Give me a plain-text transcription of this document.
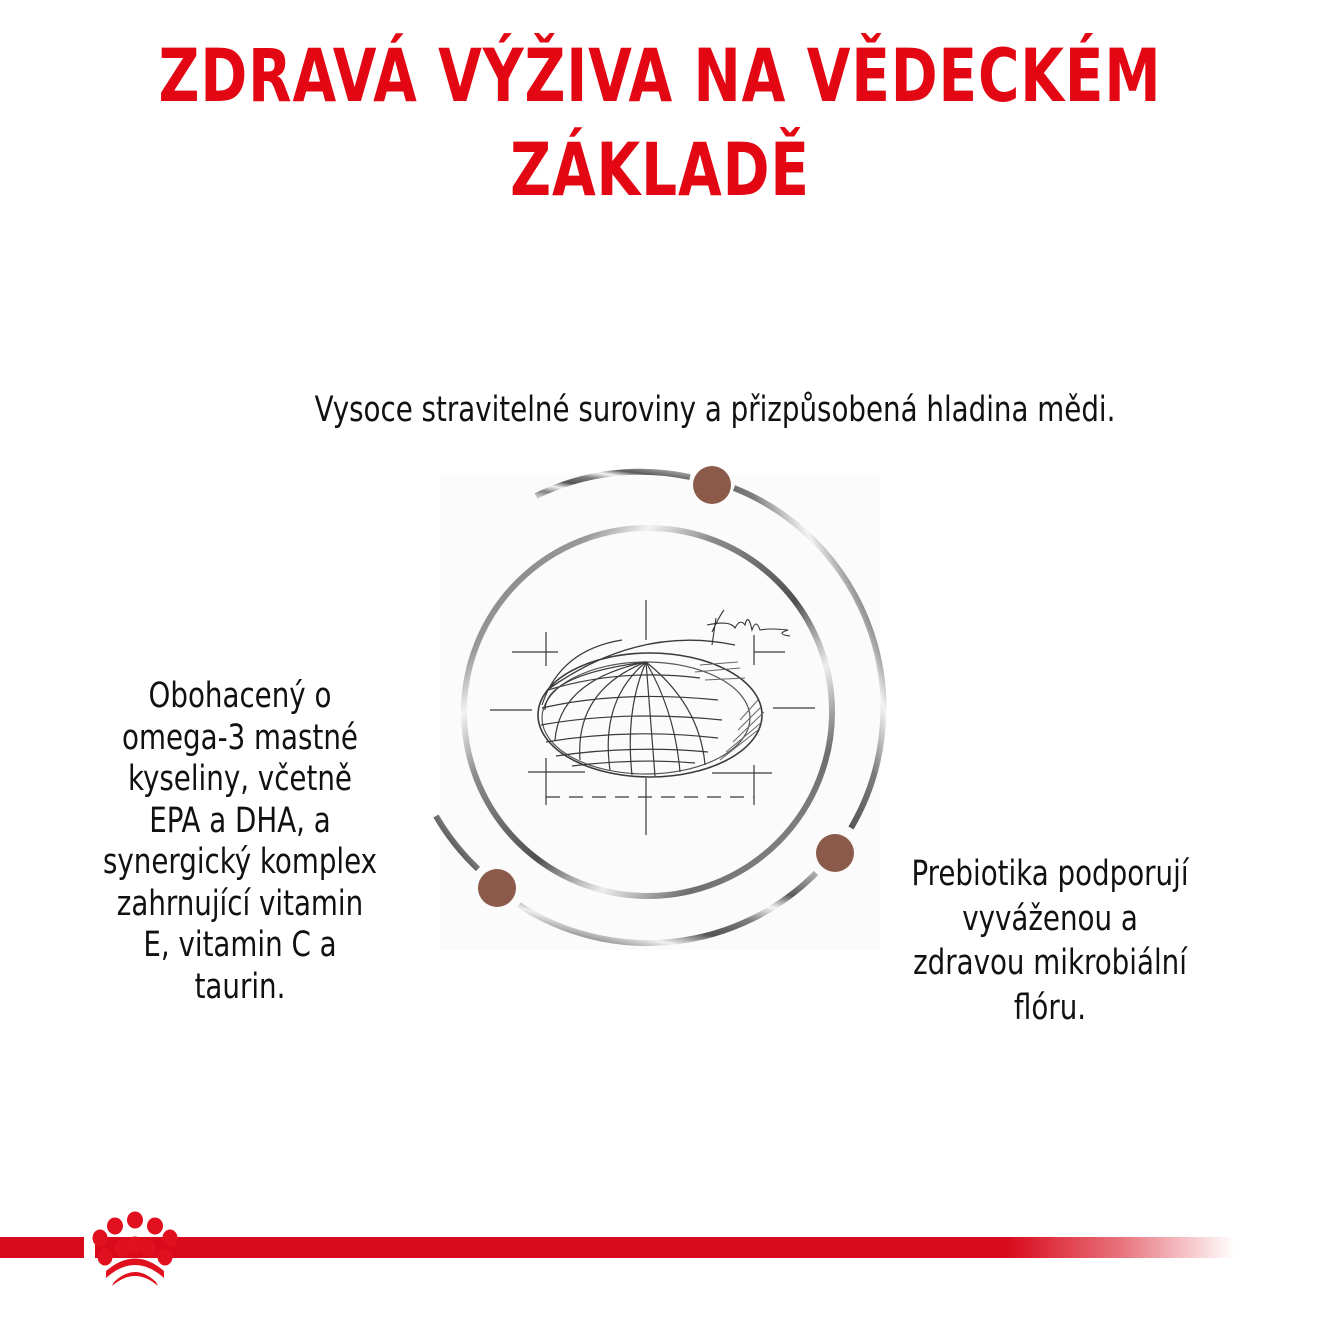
ZDRAVÁ VÝŽIVA NA VĚDECKÉM
ZÁKLADĚ
Vysoce stravitelné suroviny a přizpůsobená hladina mědi.
Obohacený o
omega-3 mastné
kyseliny, včetně
EPA a DHA, a
synergický komplex
zahrnující vitamin
E, vitamin C a
taurin.
Prebiotika podporují
vyváženou a
zdravou mikrobiální
flóru.
